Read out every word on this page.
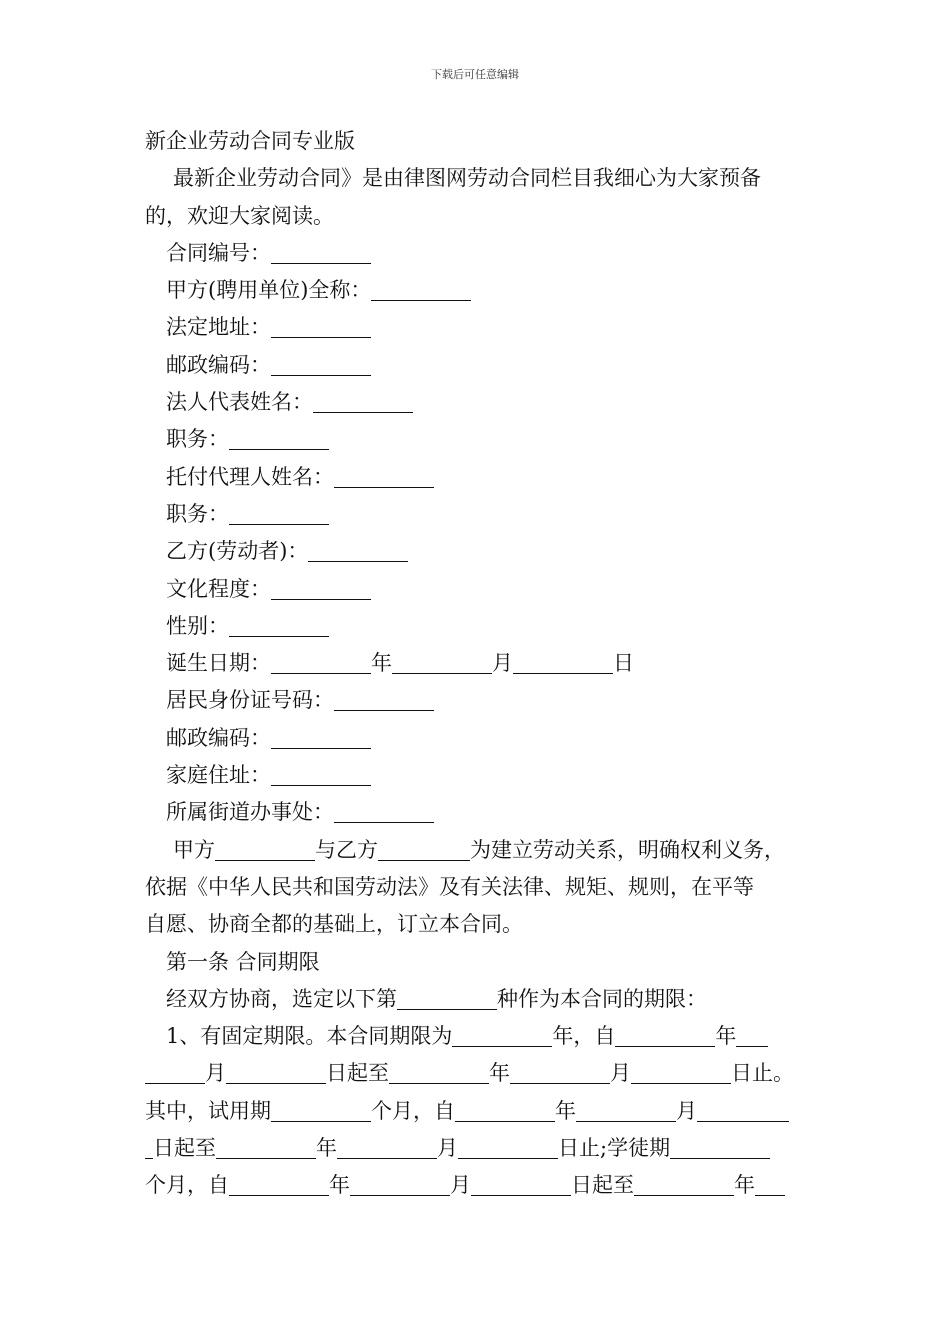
下载后可任意编辑
新企业劳动合同专业版
最新企业劳动合同》是由律图网劳动合同栏目我细心为大家预备
的，欢迎大家阅读。
合同编号：
甲方(聘用单位)全称：
法定地址：
邮政编码：
法人代表姓名：
职务：
托付代理人姓名：
职务：
乙方(劳动者)：
文化程度：
性别：
诞生日期：	年	月	日
居民身份证号码：
邮政编码：
家庭住址：
所属街道办事处：
甲方	与乙方	为建立劳动关系，明确权利义务，
依据《中华人民共和国劳动法》及有关法律、规矩、规则，在平等
自愿、协商全都的基础上，订立本合同。
第一条 合同期限
经双方协商，选定以下第	种作为本合同的期限：
1、有固定期限。本合同期限为	年，自	年
月	日起至	年	月	日止。
其中，试用期	个月，自	年	月
日起至	年	月	日止;学徒期
个月，自	年	月	日起至	年
